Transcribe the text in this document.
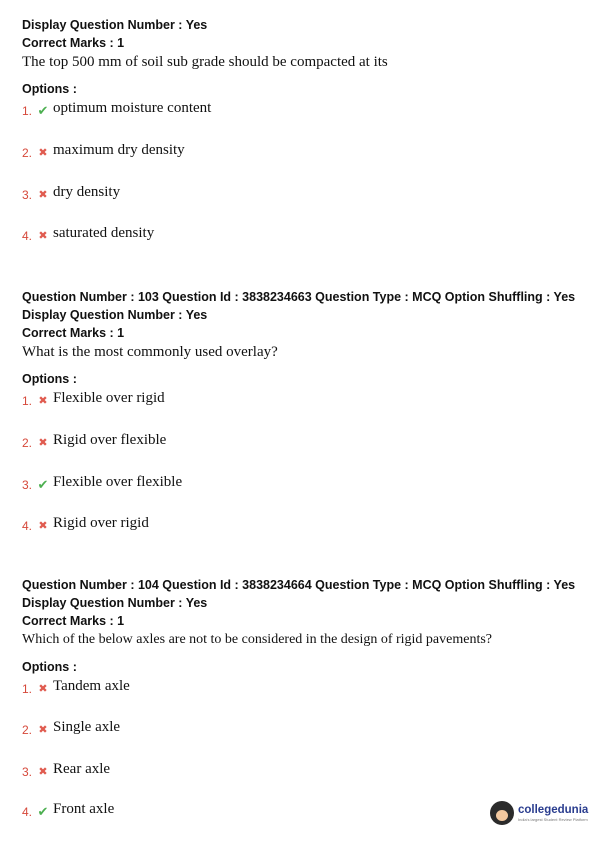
Display Question Number : Yes
Correct Marks : 1
The top 500 mm of soil sub grade should be compacted at its
Options :
1. ✔ optimum moisture content
2. ✖ maximum dry density
3. ✖ dry density
4. ✖ saturated density
Question Number : 103 Question Id : 3838234663 Question Type : MCQ Option Shuffling : Yes
Display Question Number : Yes
Correct Marks : 1
What is the most commonly used overlay?
Options :
1. ✖ Flexible over rigid
2. ✖ Rigid over flexible
3. ✔ Flexible over flexible
4. ✖ Rigid over rigid
Question Number : 104 Question Id : 3838234664 Question Type : MCQ Option Shuffling : Yes
Display Question Number : Yes
Correct Marks : 1
Which of the below axles are not to be considered in the design of rigid pavements?
Options :
1. ✖ Tandem axle
2. ✖ Single axle
3. ✖ Rear axle
4. ✔ Front axle	collegedunia
India's largest Student Review Platform
